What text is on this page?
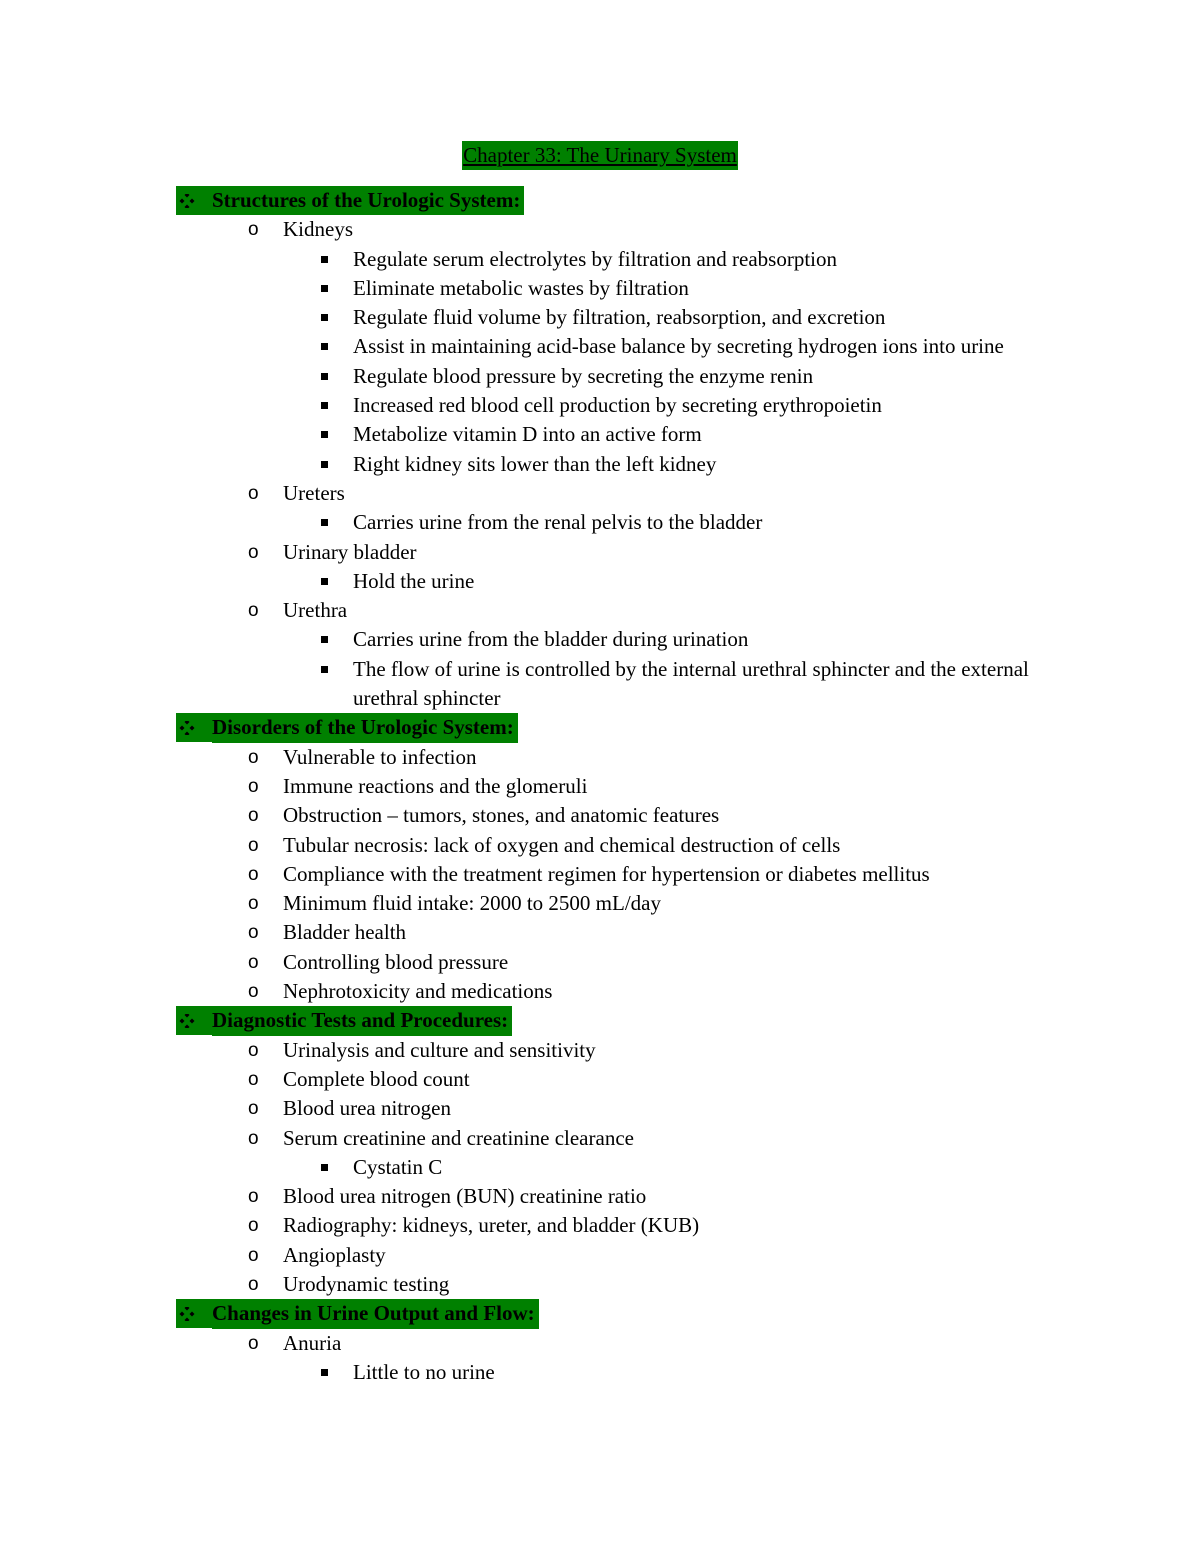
Chapter 33: The Urinary System
Structures of the Urologic System:
o Kidneys
Regulate serum electrolytes by filtration and reabsorption
Eliminate metabolic wastes by filtration
Regulate fluid volume by filtration, reabsorption, and excretion
Assist in maintaining acid-base balance by secreting hydrogen ions into urine
Regulate blood pressure by secreting the enzyme renin
Increased red blood cell production by secreting erythropoietin
Metabolize vitamin D into an active form
Right kidney sits lower than the left kidney
o Ureters
Carries urine from the renal pelvis to the bladder
o Urinary bladder
Hold the urine
o Urethra
Carries urine from the bladder during urination
The flow of urine is controlled by the internal urethral sphincter and the external urethral sphincter
Disorders of the Urologic System:
o Vulnerable to infection
o Immune reactions and the glomeruli
o Obstruction – tumors, stones, and anatomic features
o Tubular necrosis: lack of oxygen and chemical destruction of cells
o Compliance with the treatment regimen for hypertension or diabetes mellitus
o Minimum fluid intake: 2000 to 2500 mL/day
o Bladder health
o Controlling blood pressure
o Nephrotoxicity and medications
Diagnostic Tests and Procedures:
o Urinalysis and culture and sensitivity
o Complete blood count
o Blood urea nitrogen
o Serum creatinine and creatinine clearance
Cystatin C
o Blood urea nitrogen (BUN) creatinine ratio
o Radiography: kidneys, ureter, and bladder (KUB)
o Angioplasty
o Urodynamic testing
Changes in Urine Output and Flow:
o Anuria
Little to no urine
